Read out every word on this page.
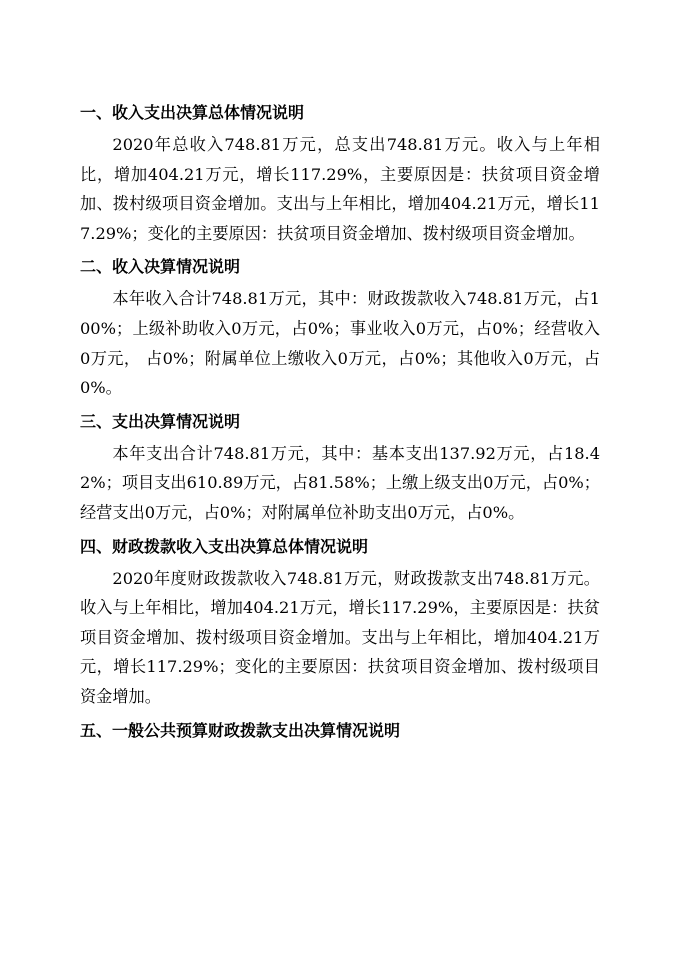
一、收入支出决算总体情况说明

2020年总收入748.81万元，总支出748.81万元。收入与上年相比，增加404.21万元，增长117.29%，主要原因是：扶贫项目资金增加、拨村级项目资金增加。支出与上年相比，增加404.21万元，增长117.29%；变化的主要原因：扶贫项目资金增加、拨村级项目资金增加。

二、收入决算情况说明

本年收入合计748.81万元，其中：财政拨款收入748.81万元，占100%；上级补助收入0万元，占0%；事业收入0万元，占0%；经营收入0万元， 占0%；附属单位上缴收入0万元，占0%；其他收入0万元，占0%。

三、支出决算情况说明

本年支出合计748.81万元，其中：基本支出137.92万元，占18.42%；项目支出610.89万元，占81.58%；上缴上级支出0万元，占0%；经营支出0万元，占0%；对附属单位补助支出0万元，占0%。

四、财政拨款收入支出决算总体情况说明

2020年度财政拨款收入748.81万元，财政拨款支出748.81万元。收入与上年相比，增加404.21万元，增长117.29%，主要原因是：扶贫项目资金增加、拨村级项目资金增加。支出与上年相比，增加404.21万元，增长117.29%；变化的主要原因：扶贫项目资金增加、拨村级项目资金增加。

五、一般公共预算财政拨款支出决算情况说明
